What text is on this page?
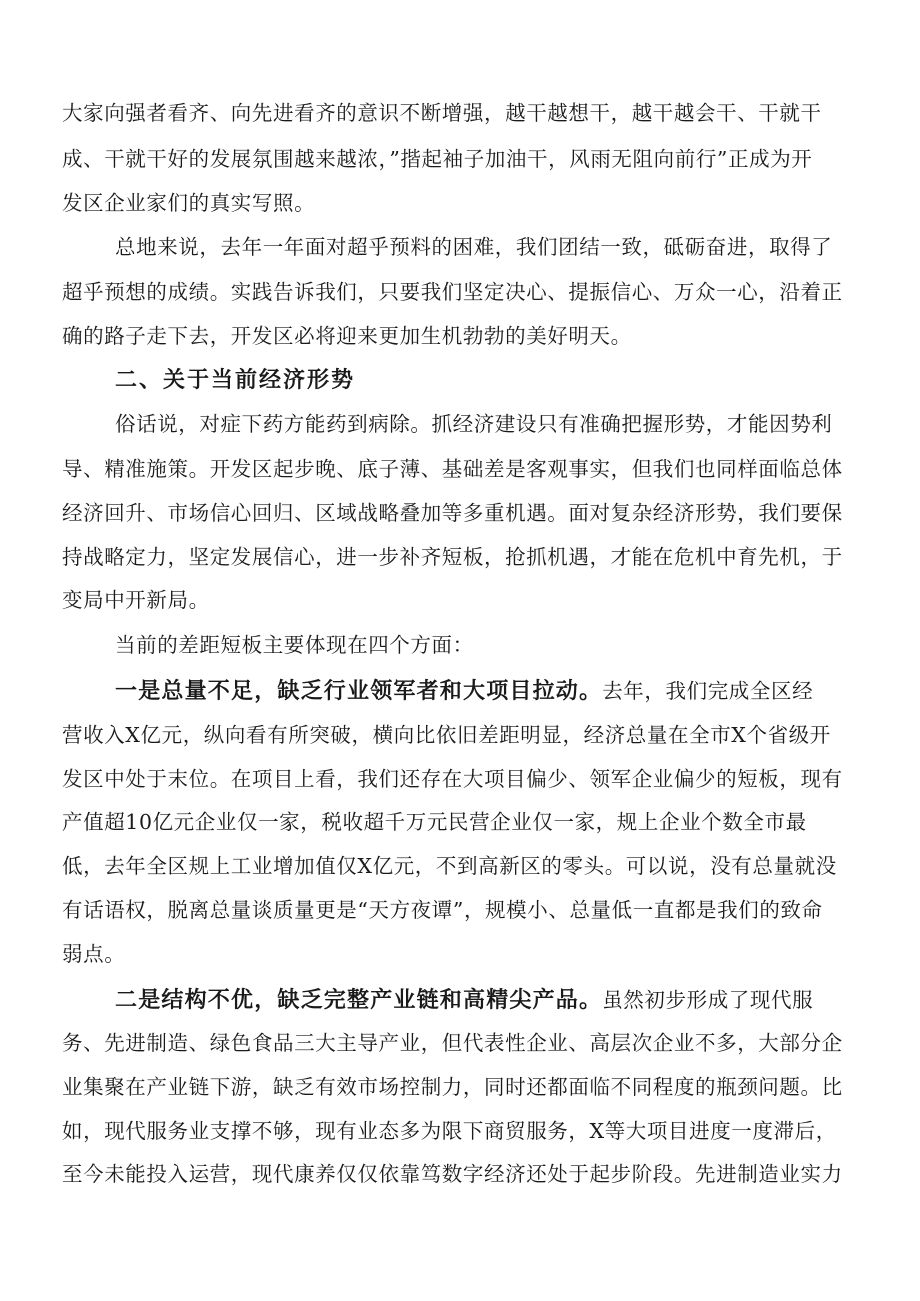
大家向强者看齐、向先进看齐的意识不断增强，越干越想干，越干越会干、干就干
成、干就干好的发展氛围越来越浓，”揩起袖子加油干，风雨无阻向前行”正成为开
发区企业家们的真实写照。
总地来说，去年一年面对超乎预料的困难，我们团结一致，砥砺奋进，取得了
超乎预想的成绩。实践告诉我们，只要我们坚定决心、提振信心、万众一心，沿着正
确的路子走下去，开发区必将迎来更加生机勃勃的美好明天。
二、关于当前经济形势
俗话说，对症下药方能药到病除。抓经济建设只有准确把握形势，才能因势利
导、精准施策。开发区起步晚、底子薄、基础差是客观事实，但我们也同样面临总体
经济回升、市场信心回归、区域战略叠加等多重机遇。面对复杂经济形势，我们要保
持战略定力，坚定发展信心，进一步补齐短板，抢抓机遇，才能在危机中育先机，于
变局中开新局。
当前的差距短板主要体现在四个方面：
一是总量不足，缺乏行业领军者和大项目拉动。去年，我们完成全区经
营收入X亿元，纵向看有所突破，横向比依旧差距明显，经济总量在全市X个省级开
发区中处于末位。在项目上看，我们还存在大项目偏少、领军企业偏少的短板，现有
产值超10亿元企业仅一家，税收超千万元民营企业仅一家，规上企业个数全市最
低，去年全区规上工业增加值仅X亿元，不到高新区的零头。可以说，没有总量就没
有话语权，脱离总量谈质量更是“天方夜谭”，规模小、总量低一直都是我们的致命
弱点。
二是结构不优，缺乏完整产业链和高精尖产品。虽然初步形成了现代服
务、先进制造、绿色食品三大主导产业，但代表性企业、高层次企业不多，大部分企
业集聚在产业链下游，缺乏有效市场控制力，同时还都面临不同程度的瓶颈问题。比
如，现代服务业支撑不够，现有业态多为限下商贸服务，X等大项目进度一度滞后，
至今未能投入运营，现代康养仅仅依靠笃数字经济还处于起步阶段。先进制造业实力
